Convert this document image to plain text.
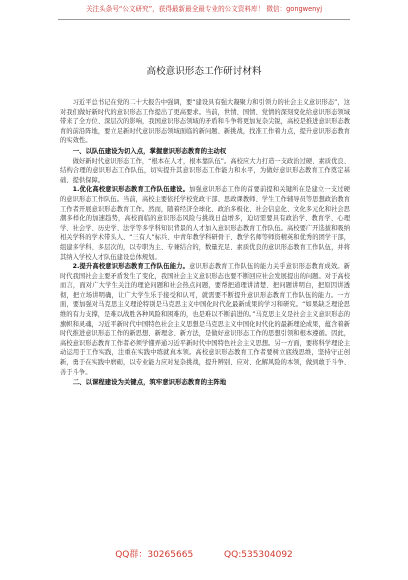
关注头条号“公文研究”，获得最新最全最专业的公文资料库！ 微信：gongwenyj
高校意识形态工作研讨材料

习近平总书记在党的二十大报告中强调，要“建设具有强大凝聚力和引领力的社会主义意识形态”，这对我们做好新时代的意识形态工作提出了更高要求。当前，世情、国情、党情的深刻变化给意识形态领域带来了全方位、深层次的影响，我国意识形态领域的矛盾和斗争将更加复杂尖锐，高校是推进意识形态教育的前沿阵地，要立足新时代意识形态领域面临的新问题、新挑战，找准工作着力点，提升意识形态教育的实效性。

一、以队伍建设为切入点，掌握意识形态教育的主动权

做好新时代意识形态工作，“根本在人才，根本靠队伍”。高校应大力打造一支政治过硬、素质优良、结构合理的意识形态工作队伍，切实提升其意识形态工作能力和水平，为做好意识形态教育工作奠定基础、提供保障。

1.优化高校意识形态教育工作队伍建设。加强意识形态工作的首要前提和关键所在是建立一支过硬的意识形态工作队伍。当前，高校主要依托学校党政干部、思政课教师、学生工作辅导员等思想政治教育工作者开展意识形态教育工作。然而，随着经济全球化、政治多极化、社会信息化、文化多元化和社会思潮多样化的加速趋势，高校面临的意识形态风险与挑战日益增多，迫切需要具有政治学、教育学、心理学、社会学、历史学、法学等多学科知识背景的人才加入意识形态教育工作队伍。高校要广开选拔和吸纳相关学科的学术带头人、“三有人”标兵、中青年教学科研骨干、教学名师等师资精英和优秀的团学干部，组建多学科、多层次的，以专职为主、专兼结合的，数量充足、素质优良的意识形态教育工作队伍，并将其纳入学校人才队伍建设总体规划。

2.提升高校意识形态教育工作队伍能力。意识形态教育工作队伍的能力关乎意识形态教育成效。新时代我国社会主要矛盾发生了变化，我国社会主义意识形态也要不断回应社会发展提出的问题。对于高校而言，面对广大学生关注的理论问题和社会热点问题，要帮把道理讲清楚、把问题讲明白，把原因讲透彻，把立场讲明确，让广大学生乐于接受和认可，就需要不断提升意识形态教育工作队伍的能力。一方面，要加强对马克思主义理论特别是马克思主义中国化时代化最新成果的学习和研究。“如果缺乏理论思维的有力支撑，是难以战胜各种风险和困难的，也是难以不断前进的。”马克思主义是社会主义意识形态的旗帜和灵魂，习近平新时代中国特色社会主义思想是马克思主义中国化时代化的最新理论成果，蕴含着新时代推进意识形态工作的新思想、新理念、新方法，是做好意识形态工作的思想引领和根本遵循。因此，高校意识形态教育工作者必须学懂弄通习近平新时代中国特色社会主义思想。另一方面，要将科学理论主动运用于工作实践，注重在实践中练就真本领。高校意识形态教育工作者要树立底线思维，坚持守正创新，勇于在实践中磨砺，以专业能力应对复杂挑战，提升辨别、应对、化解风险的本领，做到敢于斗争、善于斗争。

二、以课程建设为关键点，筑牢意识形态教育的主阵地

QQ群：30265665	QQ:535304092
